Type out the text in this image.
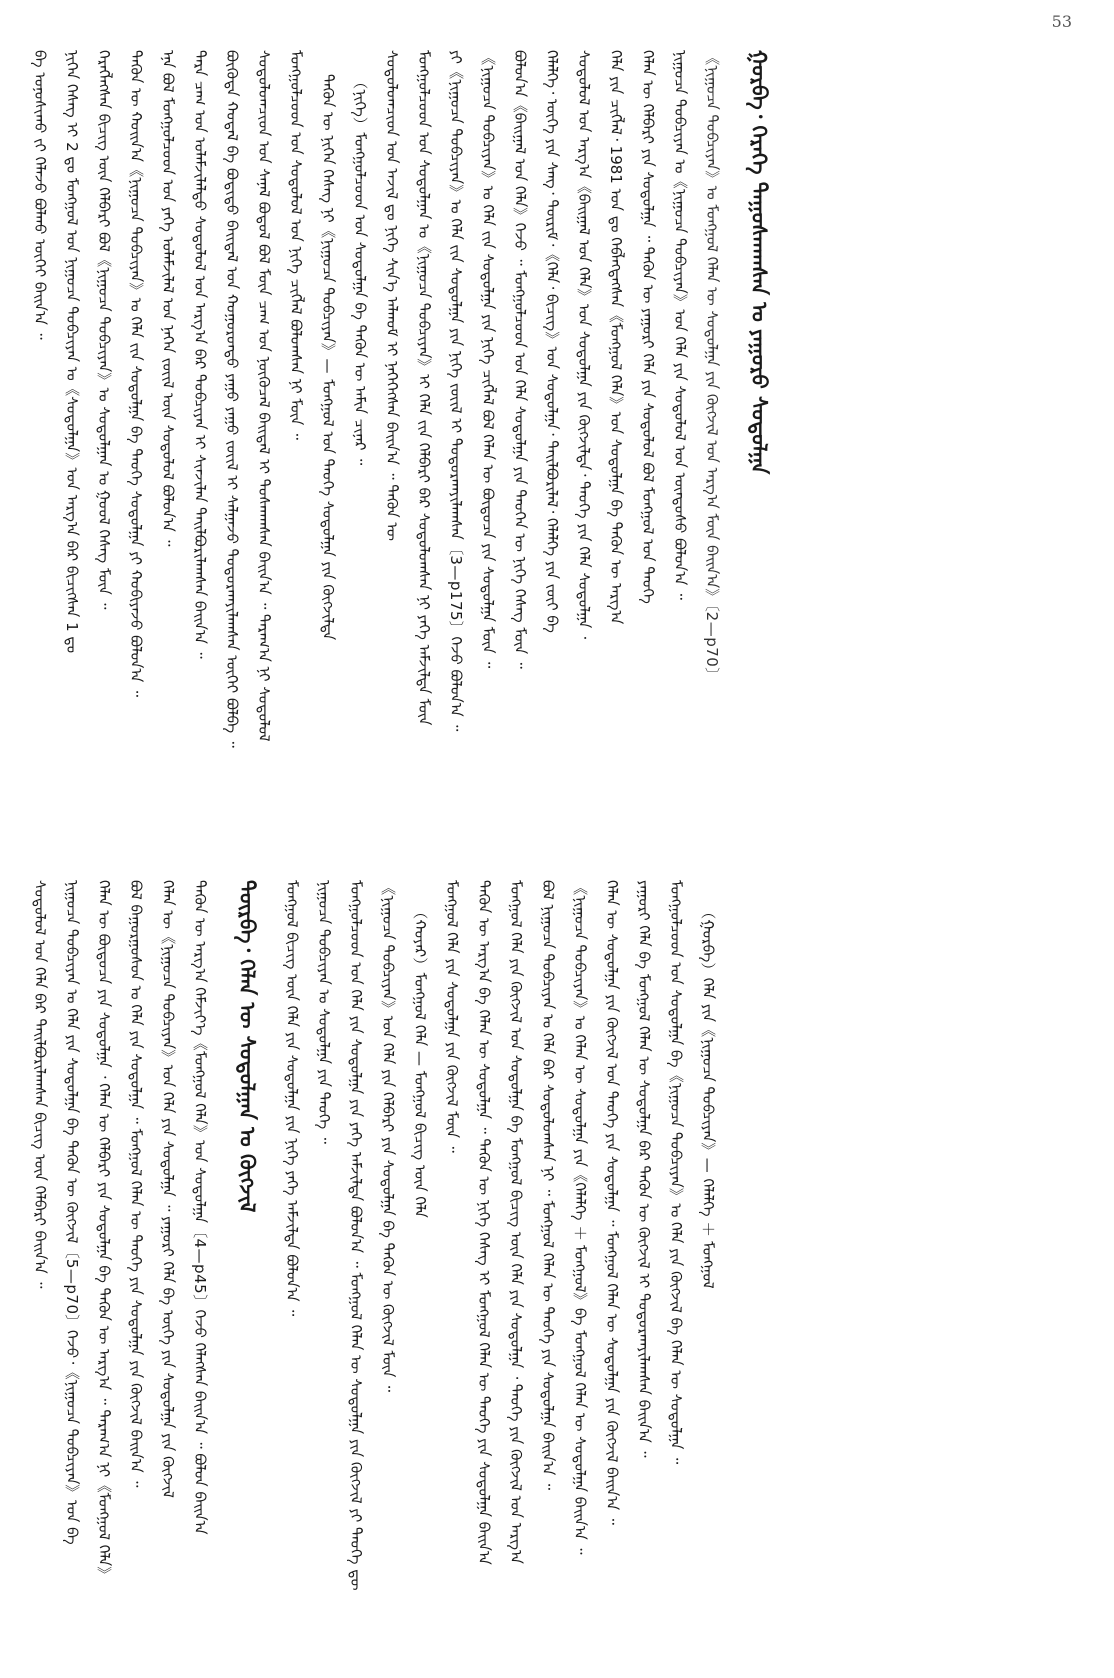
53
ᠪᠠ ᠤᠨᠤᠰᠢᠬᠤ ᠵᠢ ᠬᠡᠯᠡᠵᠦ ᠪᠣᠯᠬᠤ ᠦᠭᠡᠢ ᠪᠠᠢᠨ᠎ᠠ ᠃ ᠨᠢᠭᠡᠨ ᠬᠡᠰᠡᠭ ᠢ 2 ᠳᠤ ᠮᠣᠩᠭᠣᠯ ᠤᠨ ᠨᠢᠭᠤᠴᠠ ᠲᠣᠪᠴᠢᠶᠠᠨ ᠤ《ᠰᠤᠳᠤᠯᠭᠠ》ᠤᠨ ᠠᠷᠭ᠎ᠠ ᠪᠠᠷ ᠪᠢᠴᠢᠭᠰᠡᠨ 1 ᠳᠤ ᠬᠡᠷᠡᠭᠯᠡᠭᠰᠡᠨ ᠪᠢᠴᠢᠭ ᠦᠨ ᠬᠡᠯᠪᠡᠷᠢ ᠪᠣᠯ《ᠨᠢᠭᠤᠴᠠ ᠲᠣᠪᠴᠢᠶᠠᠨ》ᠤ ᠰᠤᠳᠤᠯᠭᠠᠨ ᠤ ᠭᠣᠣᠯ ᠬᠡᠰᠡᠭ ᠮᠥᠨ ᠃ ᠲᠡᠭᠦᠨ ᠦ ᠬᠣᠢᠨ᠎ᠠ《ᠨᠢᠭᠤᠴᠠ ᠲᠣᠪᠴᠢᠶᠠᠨ》ᠤ ᠬᠡᠯᠡ ᠵᠢᠨ ᠰᠤᠳᠤᠯᠭᠠ ᠪᠠ ᠲᠡᠦᠬᠡ ᠰᠤᠳᠤᠯᠭᠠ ᠶᠢ ᠬᠤᠪᠢᠶᠠᠵᠤ ᠪᠣᠯᠤᠨ᠎ᠠ ᠃ ᠡᠨᠡ ᠪᠣᠯ ᠮᠣᠩᠭᠣᠯᠴᠤᠳ ᠤᠨ ᠶᠡᠬᠡ ᠤᠯᠠᠮᠵᠢᠯᠠᠯ ᠤᠨ ᠨᠡᠭᠡᠨ ᠵᠦᠢᠯ ᠦᠨ ᠰᠤᠳᠤᠯᠤᠯ ᠪᠣᠯᠤᠨ᠎ᠠ ᠃ ᠲᠡᠷᠡ ᠴᠠᠭ ᠤᠨ ᠤᠯᠠᠮᠵᠢᠯᠠᠯᠲᠤ ᠰᠤᠳᠤᠯᠤᠯ ᠤᠨ ᠠᠷᠭ᠎ᠠ ᠪᠠᠷ ᠲᠣᠪᠴᠢᠶᠠᠨ ᠢ ᠰᠢᠨᠵᠢᠯᠡᠨ ᠲᠠᠢᠯᠪᠤᠷᠢᠯᠠᠭᠰᠠᠨ ᠪᠠᠢᠨ᠎ᠠ ᠃ ᠪᠦᠭᠦᠳᠡ ᠬᠤᠳᠠᠯ ᠪᠠ ᠪᠣᠳᠢᠲᠤ ᠪᠠᠢᠳᠠᠯ ᠤᠨ ᠬᠣᠭᠣᠷᠣᠨᠳᠤ ᠶᠠᠭᠤ ᠶᠠᠭᠤ ᠵᠦᠢᠯ ᠢ ᠰᠠᠯᠭᠠᠵᠤ ᠲᠣᠳᠤᠷᠬᠠᠶᠢᠯᠠᠭᠰᠠᠨ ᠦᠭᠡᠢ ᠪᠣᠯᠪᠠ ᠃ ᠰᠤᠳᠤᠯᠤᠭᠴᠢᠳ ᠤᠨ ᠰᠠᠨᠠᠯ ᠪᠣᠳᠤᠯ ᠪᠣᠯ ᠮᠦᠨ ᠴᠠᠭ ᠤᠨ ᠨᠥᠬᠦᠴᠡᠯ ᠪᠠᠢᠳᠠᠯ ᠢ ᠲᠤᠰᠬᠠᠭᠰᠠᠨ ᠪᠠᠢᠨ᠎ᠠ ᠃ ᠳᠠᠷᠠᠭ᠎ᠠ ᠨᠢ ᠰᠤᠳᠤᠯᠤᠯ ᠮᠣᠩᠭᠣᠯᠴᠤᠳ ᠤᠨ ᠰᠤᠳᠤᠯᠤᠯ ᠤᠨ ᠨᠢᠭᠡ ᠴᠢᠭᠯᠡᠯ ᠪᠣᠯᠤᠭᠰᠠᠨ ᠨᠢ ᠮᠥᠨ ᠃ ᠲᠡᠭᠦᠨ ᠦ ᠨᠢᠭᠡᠨ ᠬᠡᠰᠡᠭ ᠨᠢ《ᠨᠢᠭᠤᠴᠠ ᠲᠣᠪᠴᠢᠶᠠᠨ》— ᠮᠣᠩᠭᠣᠯ ᠤᠨ ᠲᠡᠦᠬᠡ ᠰᠤᠳᠤᠯᠭᠠ ᠶᠢᠨ ᠬᠥᠭᠵᠢᠯᠲᠡ （ᠨᠢᠭᠡ）ᠮᠣᠩᠭᠣᠯᠴᠤᠳ ᠤᠨ ᠰᠤᠳᠤᠯᠭᠠ ᠪᠠ ᠲᠡᠭᠦᠨ ᠦ ᠠᠮᠢᠨ ᠴᠢᠨᠠᠷ ᠃ ᠰᠤᠳᠤᠯᠤᠭᠴᠢᠳ ᠤᠨ ᠠᠵᠢᠯ ᠳᠤ ᠨᠢᠭᠡ ᠰᠢᠨ᠎ᠡ ᠠᠯᠬᠤᠮ ᠢ ᠨᠡᠭᠡᠭᠡᠭᠰᠡᠨ ᠪᠠᠢᠨ᠎ᠠ ᠃ ᠲᠡᠭᠦᠨ ᠦ ᠮᠣᠩᠭᠣᠯᠴᠤᠳ ᠤᠨ ᠰᠤᠳᠤᠯᠭᠠᠨ ᠤ《ᠨᠢᠭᠤᠴᠠ ᠲᠣᠪᠴᠢᠶᠠᠨ》ᠢ ᠬᠡᠯᠡ ᠵᠢᠨ ᠬᠡᠯᠪᠡᠷᠢ ᠪᠠᠷ ᠰᠤᠳᠤᠯᠤᠭᠰᠠᠨ ᠨᠢ ᠶᠡᠬᠡ ᠠᠮᠵᠢᠯᠲᠠ ᠮᠥᠨ ᠶᠢ《ᠨᠢᠭᠤᠴᠠ ᠲᠣᠪᠴᠢᠶᠠᠨ》ᠤ ᠬᠡᠯᠡ ᠵᠢᠨ ᠰᠤᠳᠤᠯᠭᠠ ᠶᠢᠨ ᠨᠢᠭᠡ ᠵᠦᠢᠯ ᠢ ᠲᠣᠳᠤᠷᠬᠠᠶᠢᠯᠠᠭᠰᠠᠨ〔3—p175〕ᠭᠡᠵᠦ ᠪᠣᠯᠤᠨ᠎ᠠ ᠃ 《ᠨᠢᠭᠤᠴᠠ ᠲᠣᠪᠴᠢᠶᠠᠨ》ᠤ ᠬᠡᠯᠡ ᠵᠢᠨ ᠰᠤᠳᠤᠯᠭᠠ ᠶᠢᠨ ᠨᠢᠭᠡ ᠴᠢᠭᠯᠡᠯ ᠪᠣᠯ ᠬᠡᠯᠡᠨ ᠦ ᠪᠦᠲᠦᠴᠡ ᠶᠢᠨ ᠰᠤᠳᠤᠯᠭᠠ ᠮᠥᠨ ᠃ ᠪᠣᠯᠤᠨ᠎ᠠ《ᠪᠠᠢᠭᠠᠯ ᠤᠨ ᠬᠡᠯᠡ》ᠭᠡᠵᠦ ᠃ ᠮᠣᠩᠭᠣᠯᠴᠤᠳ ᠤᠨ ᠬᠡᠯᠡ ᠰᠤᠳᠤᠯᠭᠠ ᠶᠢᠨ ᠲᠡᠦᠬᠡᠨ ᠦ ᠨᠢᠭᠡ ᠬᠡᠰᠡᠭ ᠮᠥᠨ ᠃ ᠬᠡᠯᠡᠯᠭᠡ᠂ ᠦᠭᠡ ᠶᠢᠨ ᠰᠠᠩ᠂ ᠳᠦᠷᠢᠮ᠂《ᠬᠡᠯᠡ᠂ ᠪᠢᠴᠢᠭ》ᠤᠨ ᠰᠤᠳᠤᠯᠭᠠ᠂ ᠲᠠᠢᠯᠪᠤᠷᠢᠯᠠᠯ᠂ ᠬᠡᠯᠡᠯᠭᠡ ᠶᠢᠨ ᠵᠦᠢ ᠪᠠ ᠰᠤᠳᠤᠯᠤᠯ ᠤᠨ ᠠᠷᠭ᠎ᠠ《ᠪᠠᠢᠭᠠᠯ ᠤᠨ ᠬᠡᠯᠡ》ᠤᠨ ᠰᠤᠳᠤᠯᠭᠠ ᠶᠢᠨ ᠬᠥᠭᠵᠢᠯᠲᠡ᠂ ᠲᠡᠦᠬᠡ ᠶᠢᠨ ᠬᠡᠯᠡ ᠰᠤᠳᠤᠯᠭᠠ ᠂ ᠬᠡᠯᠡ ᠶᠢᠨ ᠴᠢᠭᠯᠡᠯ᠂ 1981 ᠣᠨ ᠳᠤ ᠬᠡᠪᠯᠡᠭᠳᠡᠭᠰᠡᠨ《ᠮᠣᠩᠭᠣᠯ ᠬᠡᠯᠡ》ᠤᠨ ᠰᠤᠳᠤᠯᠭᠠ ᠪᠠ ᠲᠡᠭᠦᠨ ᠦ ᠠᠷᠭ᠎ᠠ ᠬᠡᠯᠡᠨ ᠦ ᠬᠡᠯᠪᠡᠷᠢ ᠶᠢᠨ ᠰᠤᠳᠤᠯᠭᠠ ᠃ ᠲᠡᠭᠦᠨ ᠦ ᠶᠠᠭᠤᠷᠢ ᠬᠡᠯᠡ ᠶᠢᠨ ᠰᠤᠳᠤᠯᠤᠯ ᠪᠣᠯ ᠮᠣᠩᠭᠣᠯ ᠤᠨ ᠲᠡᠦᠬᠡ ᠨᠢᠭᠤᠴᠠ ᠲᠣᠪᠴᠢᠶᠠᠨ ᠤ《ᠨᠢᠭᠤᠴᠠ ᠲᠣᠪᠴᠢᠶᠠᠨ》ᠤᠨ ᠬᠡᠯᠡ ᠶᠢᠨ ᠰᠤᠳᠤᠯᠤᠯ ᠤᠨ ᠦᠨᠳᠦᠰᠦ ᠪᠣᠯᠤᠨ᠎ᠠ ᠃ 《ᠨᠢᠭᠤᠴᠠ ᠲᠣᠪᠴᠢᠶᠠᠨ》ᠤ ᠮᠣᠩᠭᠣᠯ ᠬᠡᠯᠡᠨ ᠦ ᠰᠤᠳᠤᠯᠭᠠ ᠶᠢᠨ ᠬᠥᠭᠵᠢᠯ ᠤᠨ ᠠᠷᠭ᠎ᠠ ᠮᠥᠨ ᠪᠠᠢᠨ᠎ᠠ》〔2—p70〕 ᠭᠤᠷᠪᠠ᠂ ᠭᠡᠷᠡᠭᠡ ᠳᠠᠭᠤᠰᠬᠠᠭᠰᠠᠨ ᠤ ᠶᠠᠭᠤᠷᠤ ᠰᠤᠳᠤᠯᠭᠠ
ᠰᠤᠳᠤᠯᠤᠯ ᠤᠨ ᠬᠡᠯᠡ ᠪᠠᠷ ᠲᠠᠢᠯᠪᠤᠷᠢᠯᠠᠭᠰᠠᠨ ᠪᠢᠴᠢᠭ ᠦᠨ ᠬᠡᠯᠪᠡᠷᠢ ᠪᠠᠢᠨ᠎ᠠ ᠃ ᠨᠢᠭᠤᠴᠠ ᠲᠣᠪᠴᠢᠶᠠᠨ ᠤ ᠬᠡᠯᠡ ᠶᠢᠨ ᠰᠤᠳᠤᠯᠭᠠ ᠪᠠ ᠲᠡᠭᠦᠨ ᠦ ᠬᠥᠭᠵᠢᠯ〔5—p70〕ᠭᠡᠵᠦ᠂《ᠨᠢᠭᠤᠴᠠ ᠲᠣᠪᠴᠢᠶᠠᠨ》ᠤᠨ ᠪᠠ ᠬᠡᠯᠡᠨ ᠦ ᠪᠦᠲᠦᠴᠡ ᠶᠢᠨ ᠰᠤᠳᠤᠯᠭᠠ ᠂ ᠬᠡᠯᠡᠨ ᠦ ᠬᠡᠯᠪᠡᠷᠢ ᠶᠢᠨ ᠰᠤᠳᠤᠯᠭᠠ ᠪᠠ ᠲᠡᠭᠦᠨ ᠦ ᠠᠷᠭ᠎ᠠ ᠃ ᠳᠠᠷᠠᠭ᠎ᠠ ᠨᠢ《ᠮᠣᠩᠭᠣᠯ ᠬᠡᠯᠡ》 ᠪᠣᠯ ᠪᠠᠭᠤᠷᠭᠤᠰᠤᠨ ᠤ ᠬᠡᠯᠡ ᠶᠢᠨ ᠰᠤᠳᠤᠯᠭᠠ ᠃ ᠮᠣᠩᠭᠣᠯ ᠬᠡᠯᠡᠨ ᠦ ᠲᠡᠦᠬᠡ ᠶᠢᠨ ᠰᠤᠳᠤᠯᠭᠠ ᠶᠢᠨ ᠬᠥᠭᠵᠢᠯ ᠪᠠᠢᠨ᠎ᠠ ᠃ ᠬᠡᠯᠡᠨ ᠦ《ᠨᠢᠭᠤᠴᠠ ᠲᠣᠪᠴᠢᠶᠠᠨ》ᠤᠨ ᠬᠡᠯᠡ ᠶᠢᠨ ᠰᠤᠳᠤᠯᠭᠠ ᠃ ᠶᠠᠭᠤᠷᠢ ᠬᠡᠯᠡ ᠪᠠ ᠦᠭᠡ ᠶᠢᠨ ᠰᠤᠳᠤᠯᠭᠠ ᠶᠢᠨ ᠬᠥᠭᠵᠢᠯ ᠲᠡᠭᠦᠨ ᠦ ᠠᠷᠭ᠎ᠠ ᠬᠡᠮᠵᠢᠶ᠎ᠡ《ᠮᠣᠩᠭᠣᠯ ᠬᠡᠯᠡ》ᠤᠨ ᠰᠤᠳᠤᠯᠭᠠ〔4—p45〕ᠭᠡᠵᠦ ᠬᠡᠯᠡᠭᠰᠡᠨ ᠪᠠᠢᠨ᠎ᠠ ᠃ ᠪᠣᠯᠤᠨ ᠪᠠᠢᠨ᠎ᠠ ᠳᠥᠷᠪᠡ᠂ ᠬᠡᠯᠡᠨ ᠦ ᠰᠤᠳᠤᠯᠭᠠᠨ ᠤ ᠬᠥᠭᠵᠢᠯ ᠮᠣᠩᠭᠣᠯ ᠪᠢᠴᠢᠭ ᠦᠨ ᠬᠡᠯᠡ ᠶᠢᠨ ᠰᠤᠳᠤᠯᠭᠠ ᠶᠢᠨ ᠨᠢᠭᠡ ᠶᠡᠬᠡ ᠠᠮᠵᠢᠯᠲᠠ ᠪᠣᠯᠤᠨ᠎ᠠ ᠃ ᠨᠢᠭᠤᠴᠠ ᠲᠣᠪᠴᠢᠶᠠᠨ ᠤ ᠰᠤᠳᠤᠯᠭᠠ ᠶᠢᠨ ᠲᠡᠦᠬᠡ ᠃ ᠮᠣᠩᠭᠣᠯᠴᠤᠳ ᠤᠨ ᠬᠡᠯᠡ ᠶᠢᠨ ᠰᠤᠳᠤᠯᠭᠠ ᠶᠢᠨ ᠶᠡᠬᠡ ᠠᠮᠵᠢᠯᠲᠠ ᠪᠣᠯᠤᠨ᠎ᠠ ᠃ ᠮᠣᠩᠭᠣᠯ ᠬᠡᠯᠡᠨ ᠦ ᠰᠤᠳᠤᠯᠭᠠ ᠶᠢᠨ ᠬᠥᠭᠵᠢᠯ ᠶᠢ ᠲᠡᠦᠬᠡ ᠳᠦ 《ᠨᠢᠭᠤᠴᠠ ᠲᠣᠪᠴᠢᠶᠠᠨ》ᠤᠨ ᠬᠡᠯᠡ ᠶᠢᠨ ᠬᠡᠯᠪᠡᠷᠢ ᠶᠢᠨ ᠰᠤᠳᠤᠯᠭᠠ ᠪᠠ ᠲᠡᠭᠦᠨ ᠦ ᠬᠥᠭᠵᠢᠯ ᠮᠥᠨ ᠃ （ᠬᠣᠶᠠᠷ）ᠮᠣᠩᠭᠣᠯ ᠬᠡᠯᠡ — ᠮᠣᠩᠭᠣᠯ ᠪᠢᠴᠢᠭ ᠦᠨ ᠬᠡᠯᠡ ᠮᠣᠩᠭᠣᠯ ᠬᠡᠯᠡ ᠶᠢᠨ ᠰᠤᠳᠤᠯᠭᠠ ᠶᠢᠨ ᠬᠥᠭᠵᠢᠯ ᠮᠥᠨ ᠃ ᠲᠡᠭᠦᠨ ᠦ ᠠᠷᠭ᠎ᠠ ᠪᠠ ᠬᠡᠯᠡᠨ ᠦ ᠰᠤᠳᠤᠯᠭᠠ ᠃ ᠲᠡᠭᠦᠨ ᠦ ᠨᠢᠭᠡ ᠬᠡᠰᠡᠭ ᠢ ᠮᠣᠩᠭᠣᠯ ᠬᠡᠯᠡᠨ ᠦ ᠲᠡᠦᠬᠡ ᠶᠢᠨ ᠰᠤᠳᠤᠯᠭᠠ ᠪᠠᠢᠨ᠎ᠠ ᠮᠣᠩᠭᠣᠯ ᠬᠡᠯᠡ ᠶᠢᠨ ᠬᠥᠭᠵᠢᠯ ᠤᠨ ᠰᠤᠳᠤᠯᠭᠠ ᠪᠠ ᠮᠣᠩᠭᠣᠯ ᠪᠢᠴᠢᠭ ᠦᠨ ᠬᠡᠯᠡ ᠶᠢᠨ ᠰᠤᠳᠤᠯᠭᠠ ᠂ ᠲᠡᠦᠬᠡ ᠶᠢᠨ ᠬᠥᠭᠵᠢᠯ ᠤᠨ ᠠᠷᠭ᠎ᠠ ᠪᠣᠯ ᠨᠢᠭᠤᠴᠠ ᠲᠣᠪᠴᠢᠶᠠᠨ ᠤ ᠬᠡᠯᠡ ᠪᠠᠷ ᠰᠤᠳᠤᠯᠤᠭᠰᠠᠨ ᠨᠢ ᠃ ᠮᠣᠩᠭᠣᠯ ᠬᠡᠯᠡᠨ ᠦ ᠲᠡᠦᠬᠡ ᠶᠢᠨ ᠰᠤᠳᠤᠯᠭᠠ ᠪᠠᠢᠨ᠎ᠠ ᠃ 《ᠨᠢᠭᠤᠴᠠ ᠲᠣᠪᠴᠢᠶᠠᠨ》ᠤ ᠬᠡᠯᠡᠨ ᠦ ᠰᠤᠳᠤᠯᠭᠠ ᠶᠢᠨ《ᠬᠡᠯᠡᠯᠭᠡ ＋ ᠮᠣᠩᠭᠣᠯ》ᠪᠠ ᠮᠣᠩᠭᠣᠯ ᠬᠡᠯᠡᠨ ᠦ ᠰᠤᠳᠤᠯᠭᠠ ᠪᠠᠢᠨ᠎ᠠ ᠃ ᠬᠡᠯᠡᠨ ᠦ ᠰᠤᠳᠤᠯᠭᠠ ᠶᠢᠨ ᠬᠥᠭᠵᠢᠯ ᠤᠨ ᠲᠡᠦᠬᠡ ᠶᠢᠨ ᠰᠤᠳᠤᠯᠭᠠ ᠃ ᠮᠣᠩᠭᠣᠯ ᠬᠡᠯᠡᠨ ᠦ ᠰᠤᠳᠤᠯᠭᠠ ᠶᠢᠨ ᠬᠥᠭᠵᠢᠯ ᠪᠠᠢᠨ᠎ᠠ ᠃ ᠶᠠᠭᠤᠷᠢ ᠬᠡᠯᠡ ᠪᠠ ᠮᠣᠩᠭᠣᠯ ᠬᠡᠯᠡᠨ ᠦ ᠰᠤᠳᠤᠯᠭᠠ ᠪᠠᠷ ᠲᠡᠭᠦᠨ ᠦ ᠬᠥᠭᠵᠢᠯ ᠢ ᠲᠣᠳᠤᠷᠬᠠᠶᠢᠯᠠᠭᠰᠠᠨ ᠪᠠᠢᠨ᠎ᠠ ᠃ ᠮᠣᠩᠭᠣᠯᠴᠤᠳ ᠤᠨ ᠰᠤᠳᠤᠯᠭᠠ ᠪᠠ《ᠨᠢᠭᠤᠴᠠ ᠲᠣᠪᠴᠢᠶᠠᠨ》ᠤ ᠬᠡᠯᠡ ᠶᠢᠨ ᠬᠥᠭᠵᠢᠯ ᠪᠠ ᠬᠡᠯᠡᠨ ᠦ ᠰᠤᠳᠤᠯᠭᠠ ᠃ （ᠭᠤᠷᠪᠠ）ᠬᠡᠯᠡ ᠶᠢᠨ《ᠨᠢᠭᠤᠴᠠ ᠲᠣᠪᠴᠢᠶᠠᠨ》— ᠬᠡᠯᠡᠯᠭᠡ ＋ ᠮᠣᠩᠭᠣᠯ
